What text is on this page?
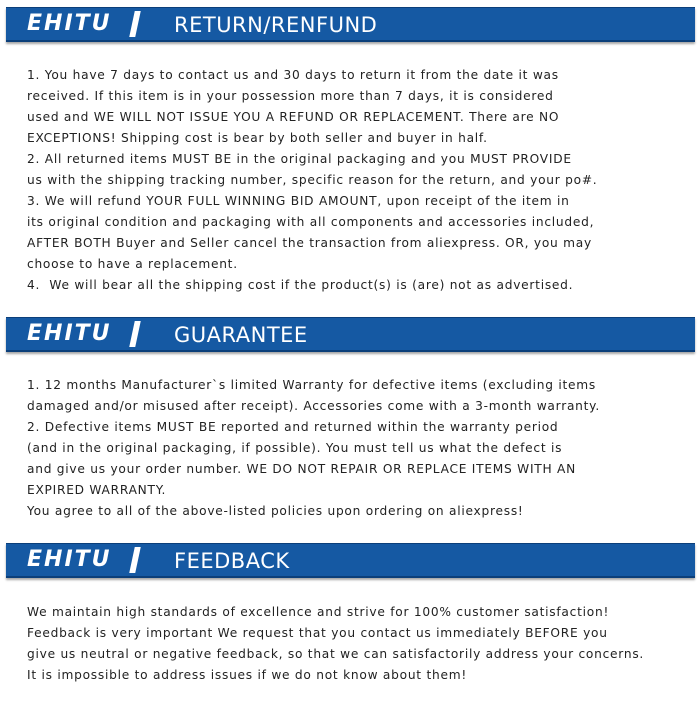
EHITU	RETURN/RENFUND
1. You have 7 days to contact us and 30 days to return it from the date it was
received. If this item is in your possession more than 7 days, it is considered
used and WE WILL NOT ISSUE YOU A REFUND OR REPLACEMENT. There are NO
EXCEPTIONS! Shipping cost is bear by both seller and buyer in half.
2. All returned items MUST BE in the original packaging and you MUST PROVIDE
us with the shipping tracking number, specific reason for the return, and your po#.
3. We will refund YOUR FULL WINNING BID AMOUNT, upon receipt of the item in
its original condition and packaging with all components and accessories included,
AFTER BOTH Buyer and Seller cancel the transaction from aliexpress. OR, you may
choose to have a replacement.
4.  We will bear all the shipping cost if the product(s) is (are) not as advertised.
EHITU	GUARANTEE
1. 12 months Manufacturer`s limited Warranty for defective items (excluding items
damaged and/or misused after receipt). Accessories come with a 3-month warranty.
2. Defective items MUST BE reported and returned within the warranty period
(and in the original packaging, if possible). You must tell us what the defect is
and give us your order number. WE DO NOT REPAIR OR REPLACE ITEMS WITH AN
EXPIRED WARRANTY.
You agree to all of the above-listed policies upon ordering on aliexpress!
EHITU	FEEDBACK
We maintain high standards of excellence and strive for 100% customer satisfaction!
Feedback is very important We request that you contact us immediately BEFORE you
give us neutral or negative feedback, so that we can satisfactorily address your concerns.
It is impossible to address issues if we do not know about them!
